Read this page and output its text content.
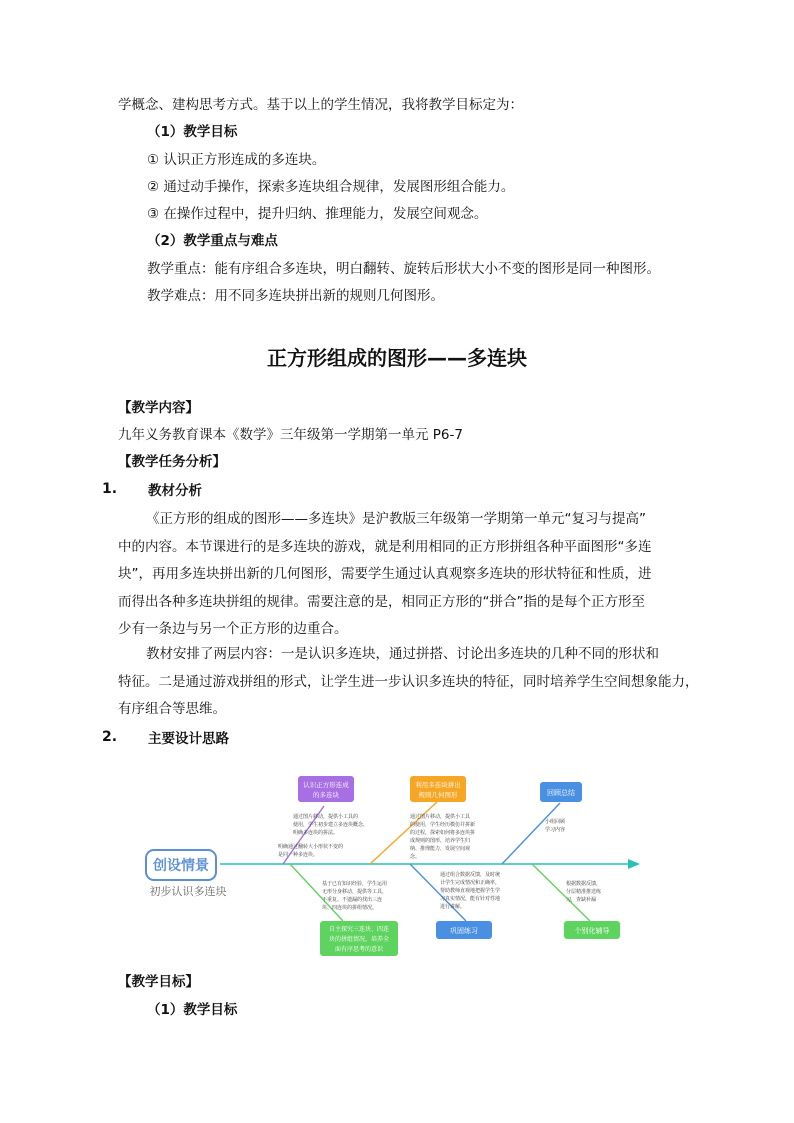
学概念、建构思考方式。基于以上的学生情况，我将教学目标定为：
（1）教学目标
① 认识正方形连成的多连块。
② 通过动手操作，探索多连块组合规律，发展图形组合能力。
③ 在操作过程中，提升归纳、推理能力，发展空间观念。
（2）教学重点与难点
教学重点：能有序组合多连块，明白翻转、旋转后形状大小不变的图形是同一种图形。
教学难点：用不同多连块拼出新的规则几何图形。
正方形组成的图形——多连块
【教学内容】
九年义务教育课本《数学》三年级第一学期第一单元 P6-7
【教学任务分析】
1. 教材分析
《正方形的组成的图形——多连块》是沪教版三年级第一学期第一单元“复习与提高”
中的内容。本节课进行的是多连块的游戏，就是利用相同的正方形拼组各种平面图形“多连
块”，再用多连块拼出新的几何图形，需要学生通过认真观察多连块的形状特征和性质，进
而得出各种多连块拼组的规律。需要注意的是，相同正方形的“拼合”指的是每个正方形至
少有一条边与另一个正方形的边重合。
教材安排了两层内容：一是认识多连块，通过拼搭、讨论出多连块的几种不同的形状和
特征。二是通过游戏拼组的形式，让学生进一步认识多连块的特征，同时培养学生空间想象能力，
有序组合等思维。
2. 主要设计思路
创设情景
初步认识多连块
认识正方形连成
的多连块
利用多连块拼出
规则几何图形	回顾总结
自主探究三连块、四连
块的拼组情况，培养全
面有序思考的意识
巩固练习	个别化辅导
通过图片移动，提供小工具的
使用，学生初步建立多连块概念，
明确多连块的拼法。
明确通过翻转大小形状不变的
是同一种多连块。
通过图片移动，提供小工具
的使用，学生经历模仿并拼新
的过程，探索如何将多连块拼
成规则的图形，培养学生归
纳、推理能力，发展空间观
念。
小组回顾
学习内容
基于已有知识经验，学生运用
无形分身移动，提供等工具，
不重复、不遗漏的找出三连
块、四连块的拼组情况。
通过组合数据反馈，及时统
计学生完成情况和正确率，
帮助教师直观地把握学生学
习真实情况，能有针对性地
进行讲解。
根据数据反馈，
分层精准推送练
习，查缺补漏
【教学目标】
（1）教学目标
